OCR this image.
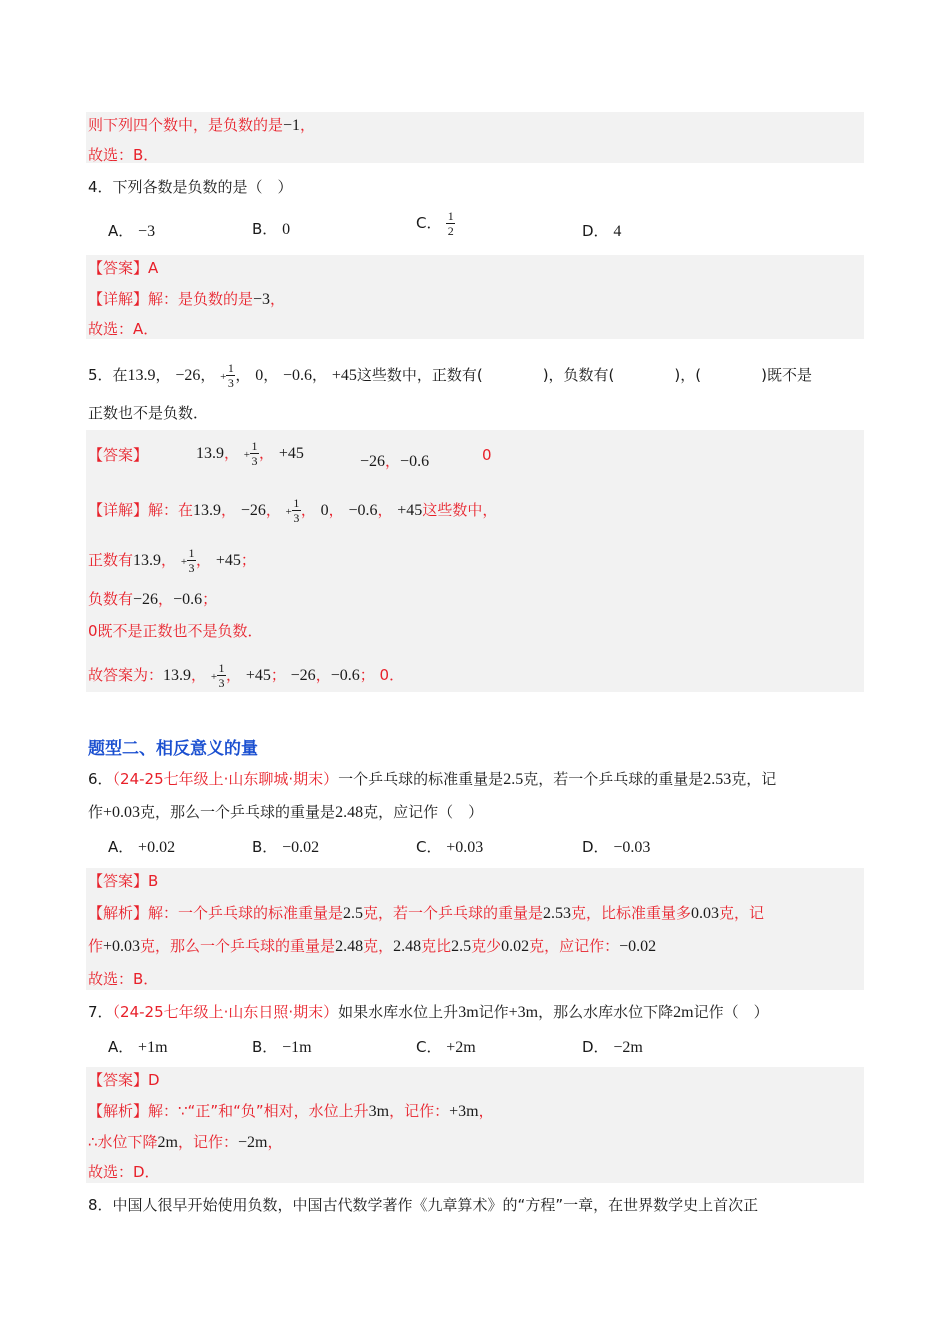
则下列四个数中，是负数的是−1，
故选：B．
4．下列各数是负数的是（　）
A． −3	B． 0	C． $\frac{1}{2}$	D． 4
【答案】A
【详解】解：是负数的是−3，
故选：A．
5．在13.9， −26， + $\frac{1}{3}$ ， 0， −0.6， +45这些数中，正数有(　　　　)，负数有(　　　　)，(　　　　)既不是
正数也不是负数．
【答案】	13.9， + $\frac{1}{3}$ ， +45	−26，−0.6	0
【详解】解：在13.9， −26， + $\frac{1}{3}$ ， 0， −0.6， +45这些数中，
正数有13.9， + $\frac{1}{3}$ ， +45；
负数有−26，−0.6；
0既不是正数也不是负数．
故答案为：13.9， + $\frac{1}{3}$ ， +45； −26，−0.6； 0．
题型二、相反意义的量
6．（24-25七年级上·山东聊城·期末）一个乒乓球的标准重量是2.5克，若一个乒乓球的重量是2.53克，记
作+0.03克，那么一个乒乓球的重量是2.48克，应记作（　）
A． +0.02	B． −0.02	C． +0.03	D． −0.03
【答案】B
【解析】解：一个乒乓球的标准重量是2.5克，若一个乒乓球的重量是2.53克，比标准重量多0.03克，记
作+0.03克，那么一个乒乓球的重量是2.48克，2.48克比2.5克少0.02克，应记作：−0.02
故选：B．
7．（24-25七年级上·山东日照·期末）如果水库水位上升3m记作+3m，那么水库水位下降2m记作（　）
A． +1m	B． −1m	C． +2m	D． −2m
【答案】D
【解析】解：∵“正”和“负”相对，水位上升3m，记作：+3m，
∴水位下降2m，记作：−2m，
故选：D．
8．中国人很早开始使用负数，中国古代数学著作《九章算术》的“方程”一章，在世界数学史上首次正
